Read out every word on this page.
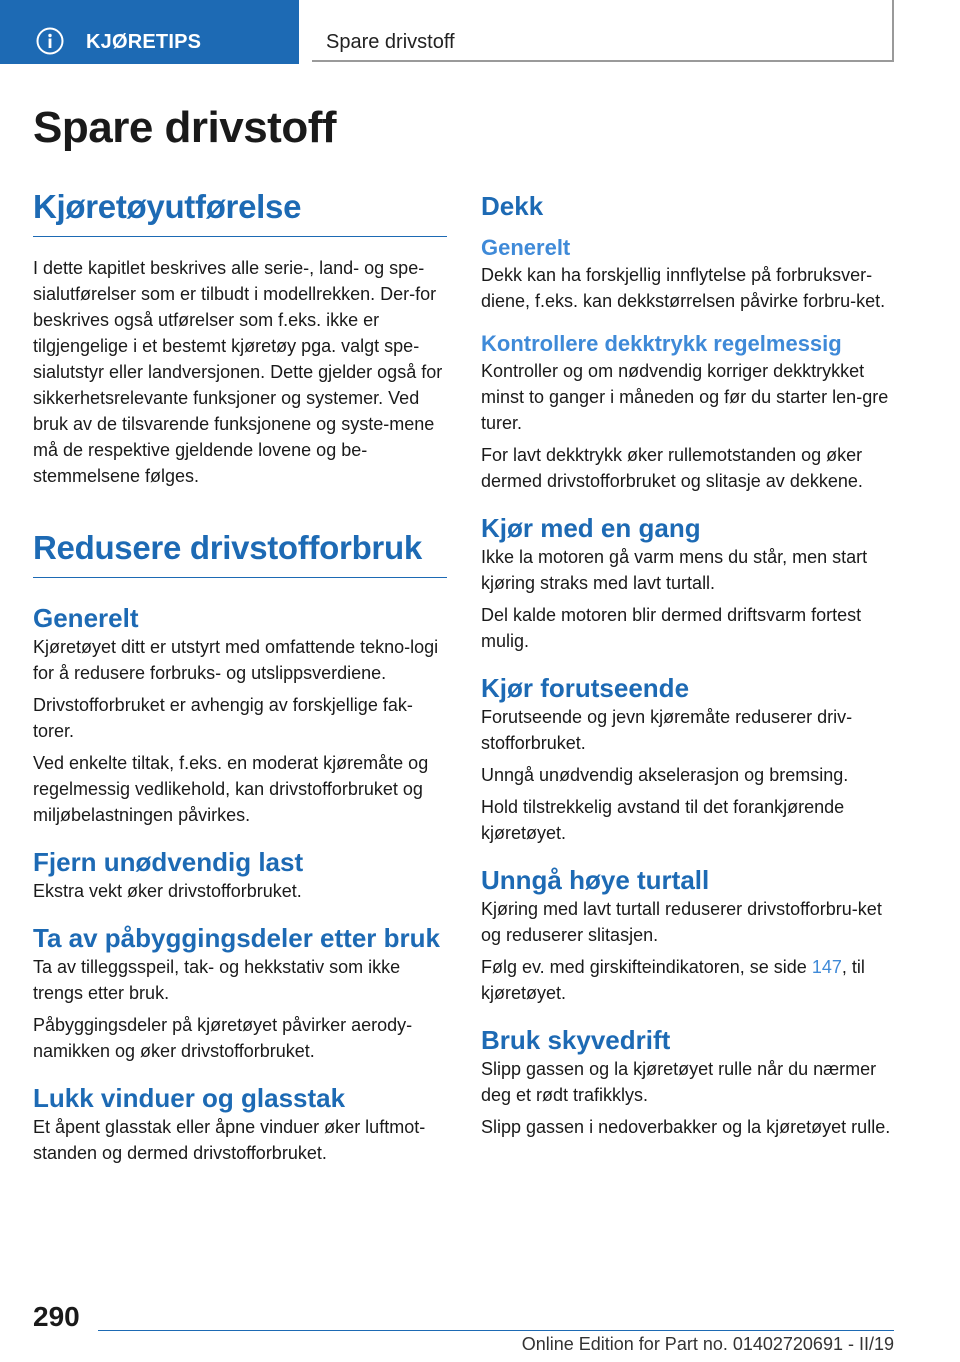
KJØRETIPS	Spare drivstoff
Spare drivstoff
Kjøretøyutførelse

I dette kapitlet beskrives alle serie-, land- og spe-sialutførelser som er tilbudt i modellrekken. Der-for beskrives også utførelser som f.eks. ikke er tilgjengelige i et bestemt kjøretøy pga. valgt spe-sialutstyr eller landversjonen. Dette gjelder også for sikkerhetsrelevante funksjoner og systemer. Ved bruk av de tilsvarende funksjonene og syste-mene må de respektive gjeldende lovene og be-stemmelsene følges.

Redusere drivstofforbruk
Generelt

Kjøretøyet ditt er utstyrt med omfattende tekno-logi for å redusere forbruks- og utslippsverdiene.

Drivstofforbruket er avhengig av forskjellige fak-torer.

Ved enkelte tiltak, f.eks. en moderat kjøremåte og regelmessig vedlikehold, kan drivstofforbruket og miljøbelastningen påvirkes.

Fjern unødvendig last

Ekstra vekt øker drivstofforbruket.

Ta av påbyggingsdeler etter bruk

Ta av tilleggsspeil, tak- og hekkstativ som ikke trengs etter bruk.

Påbyggingsdeler på kjøretøyet påvirker aerody-namikken og øker drivstofforbruket.

Lukk vinduer og glasstak

Et åpent glasstak eller åpne vinduer øker luftmot-standen og dermed drivstofforbruket.

Dekk
Generelt

Dekk kan ha forskjellig innflytelse på forbruksver-diene, f.eks. kan dekkstørrelsen påvirke forbru-ket.

Kontrollere dekktrykk regelmessig

Kontroller og om nødvendig korriger dekktrykket minst to ganger i måneden og før du starter len-gre turer.

For lavt dekktrykk øker rullemotstanden og øker dermed drivstofforbruket og slitasje av dekkene.

Kjør med en gang

Ikke la motoren gå varm mens du står, men start kjøring straks med lavt turtall.

Del kalde motoren blir dermed driftsvarm fortest mulig.

Kjør forutseende

Forutseende og jevn kjøremåte reduserer driv-stofforbruket.

Unngå unødvendig akselerasjon og bremsing.

Hold tilstrekkelig avstand til det forankjørende kjøretøyet.

Unngå høye turtall

Kjøring med lavt turtall reduserer drivstofforbru-ket og reduserer slitasjen.

Følg ev. med girskifteindikatoren, se side 147, til kjøretøyet.

Bruk skyvedrift

Slipp gassen og la kjøretøyet rulle når du nærmer deg et rødt trafikklys.

Slipp gassen i nedoverbakker og la kjøretøyet rulle.

290
Online Edition for Part no. 01402720691 - II/19
